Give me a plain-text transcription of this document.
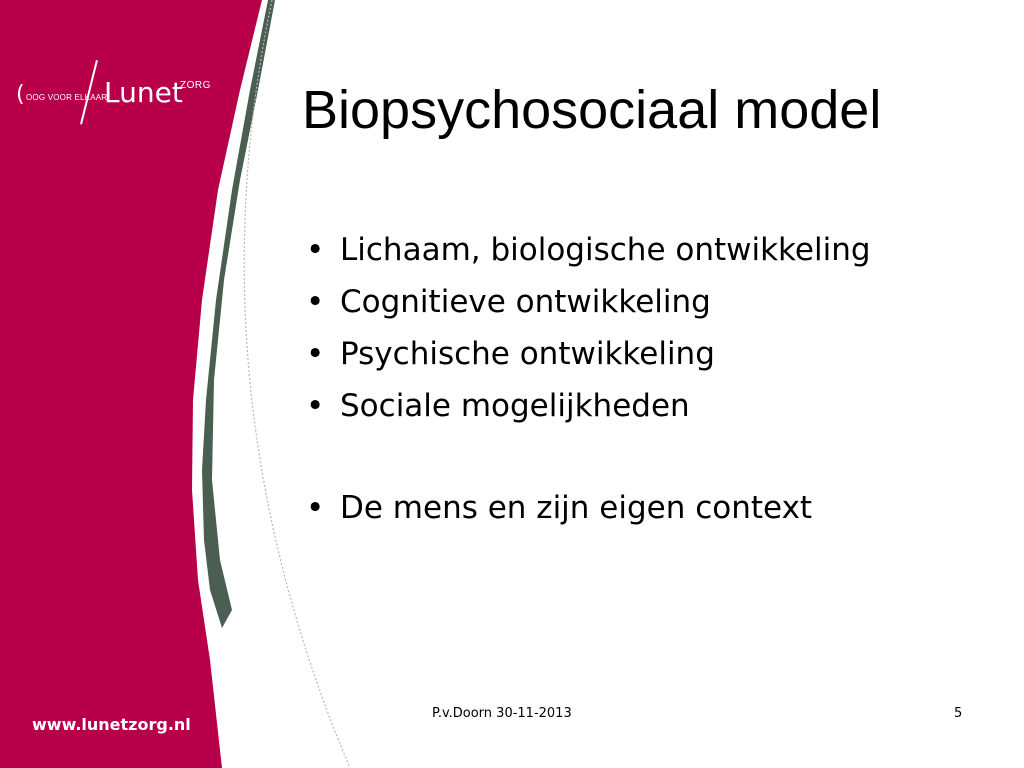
( OOG VOOR ELKAAR
Lunet
ZORG
www.lunetzorg.nl
Biopsychosociaal model
• Lichaam, biologische ontwikkeling
• Cognitieve ontwikkeling
• Psychische ontwikkeling
• Sociale mogelijkheden
• De mens en zijn eigen context
P.v.Doorn 30-11-2013	5
